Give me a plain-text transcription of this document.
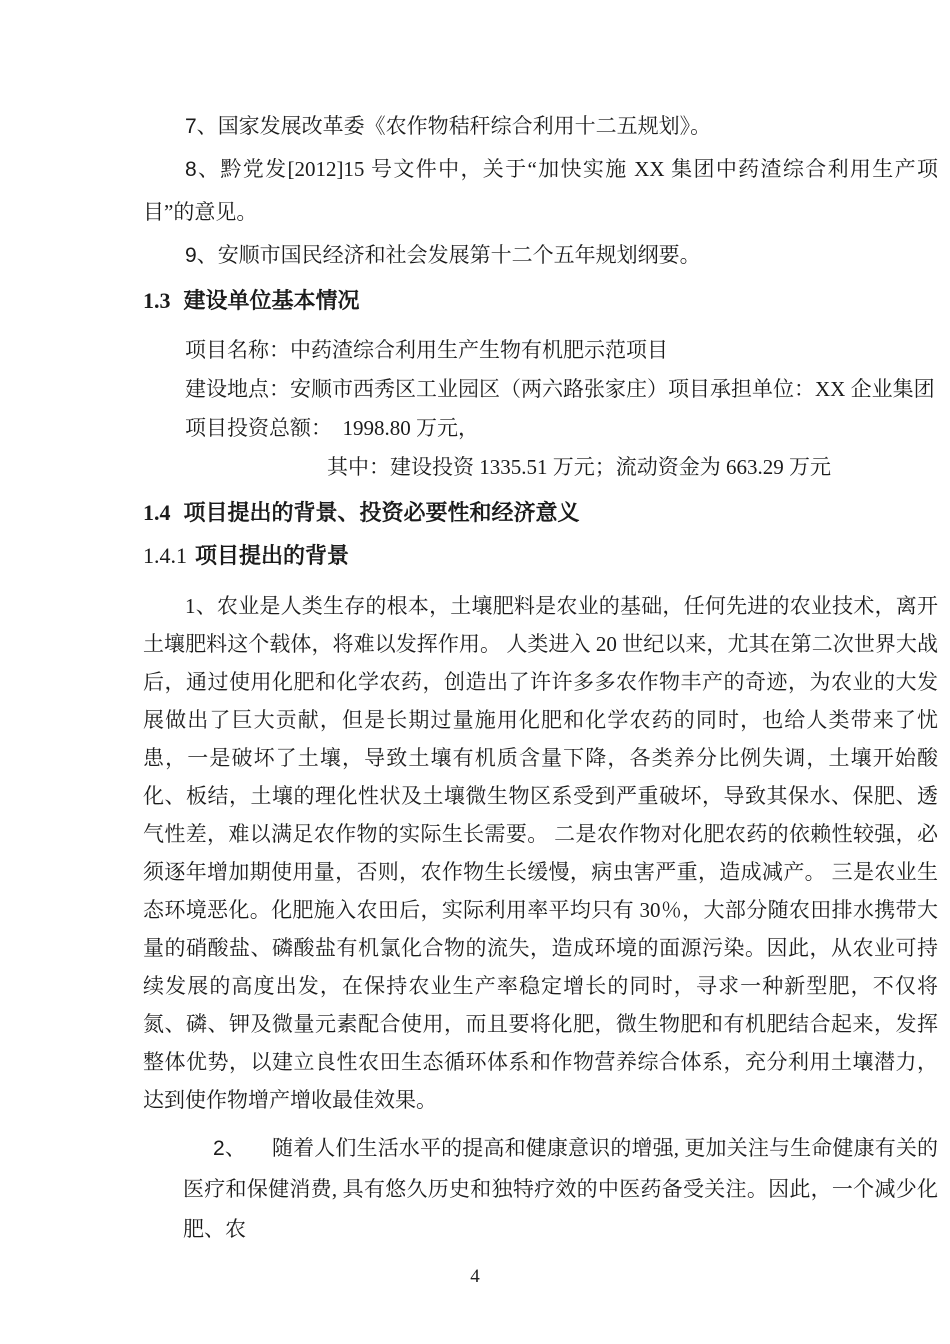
7、国家发展改革委《农作物秸秆综合利用十二五规划》。

8、黔党发[2012]15 号文件中，关于“加快实施 XX 集团中药渣综合利用生产项目”的意见。

9、安顺市国民经济和社会发展第十二个五年规划纲要。

1.3 建设单位基本情况

项目名称：中药渣综合利用生产生物有机肥示范项目

建设地点：安顺市西秀区工业园区（两六路张家庄）项目承担单位：XX 企业集团

项目投资总额：　1998.80 万元，

其中：建设投资 1335.51 万元；流动资金为 663.29 万元

1.4 项目提出的背景、投资必要性和经济意义
1.4.1 项目提出的背景

1、农业是人类生存的根本，土壤肥料是农业的基础，任何先进的农业技术，离开土壤肥料这个载体，将难以发挥作用。 人类进入 20 世纪以来，尤其在第二次世界大战后，通过使用化肥和化学农药，创造出了许许多多农作物丰产的奇迹，为农业的大发展做出了巨大贡献，但是长期过量施用化肥和化学农药的同时，也给人类带来了忧患，一是破坏了土壤，导致土壤有机质含量下降，各类养分比例失调，土壤开始酸化、板结，土壤的理化性状及土壤微生物区系受到严重破坏，导致其保水、保肥、透气性差，难以满足农作物的实际生长需要。 二是农作物对化肥农药的依赖性较强，必须逐年增加期使用量，否则，农作物生长缓慢，病虫害严重，造成减产。 三是农业生态环境恶化。化肥施入农田后，实际利用率平均只有 30％，大部分随农田排水携带大量的硝酸盐、磷酸盐有机氯化合物的流失，造成环境的面源污染。因此，从农业可持续发展的高度出发，在保持农业生产率稳定增长的同时，寻求一种新型肥，不仅将氮、磷、钾及微量元素配合使用，而且要将化肥，微生物肥和有机肥结合起来，发挥整体优势，以建立良性农田生态循环体系和作物营养综合体系，充分利用土壤潜力，达到使作物增产增收最佳效果。

2、 随着人们生活水平的提高和健康意识的增强, 更加关注与生命健康有关的医疗和保健消费, 具有悠久历史和独特疗效的中医药备受关注。因此，一个减少化肥、农

4
